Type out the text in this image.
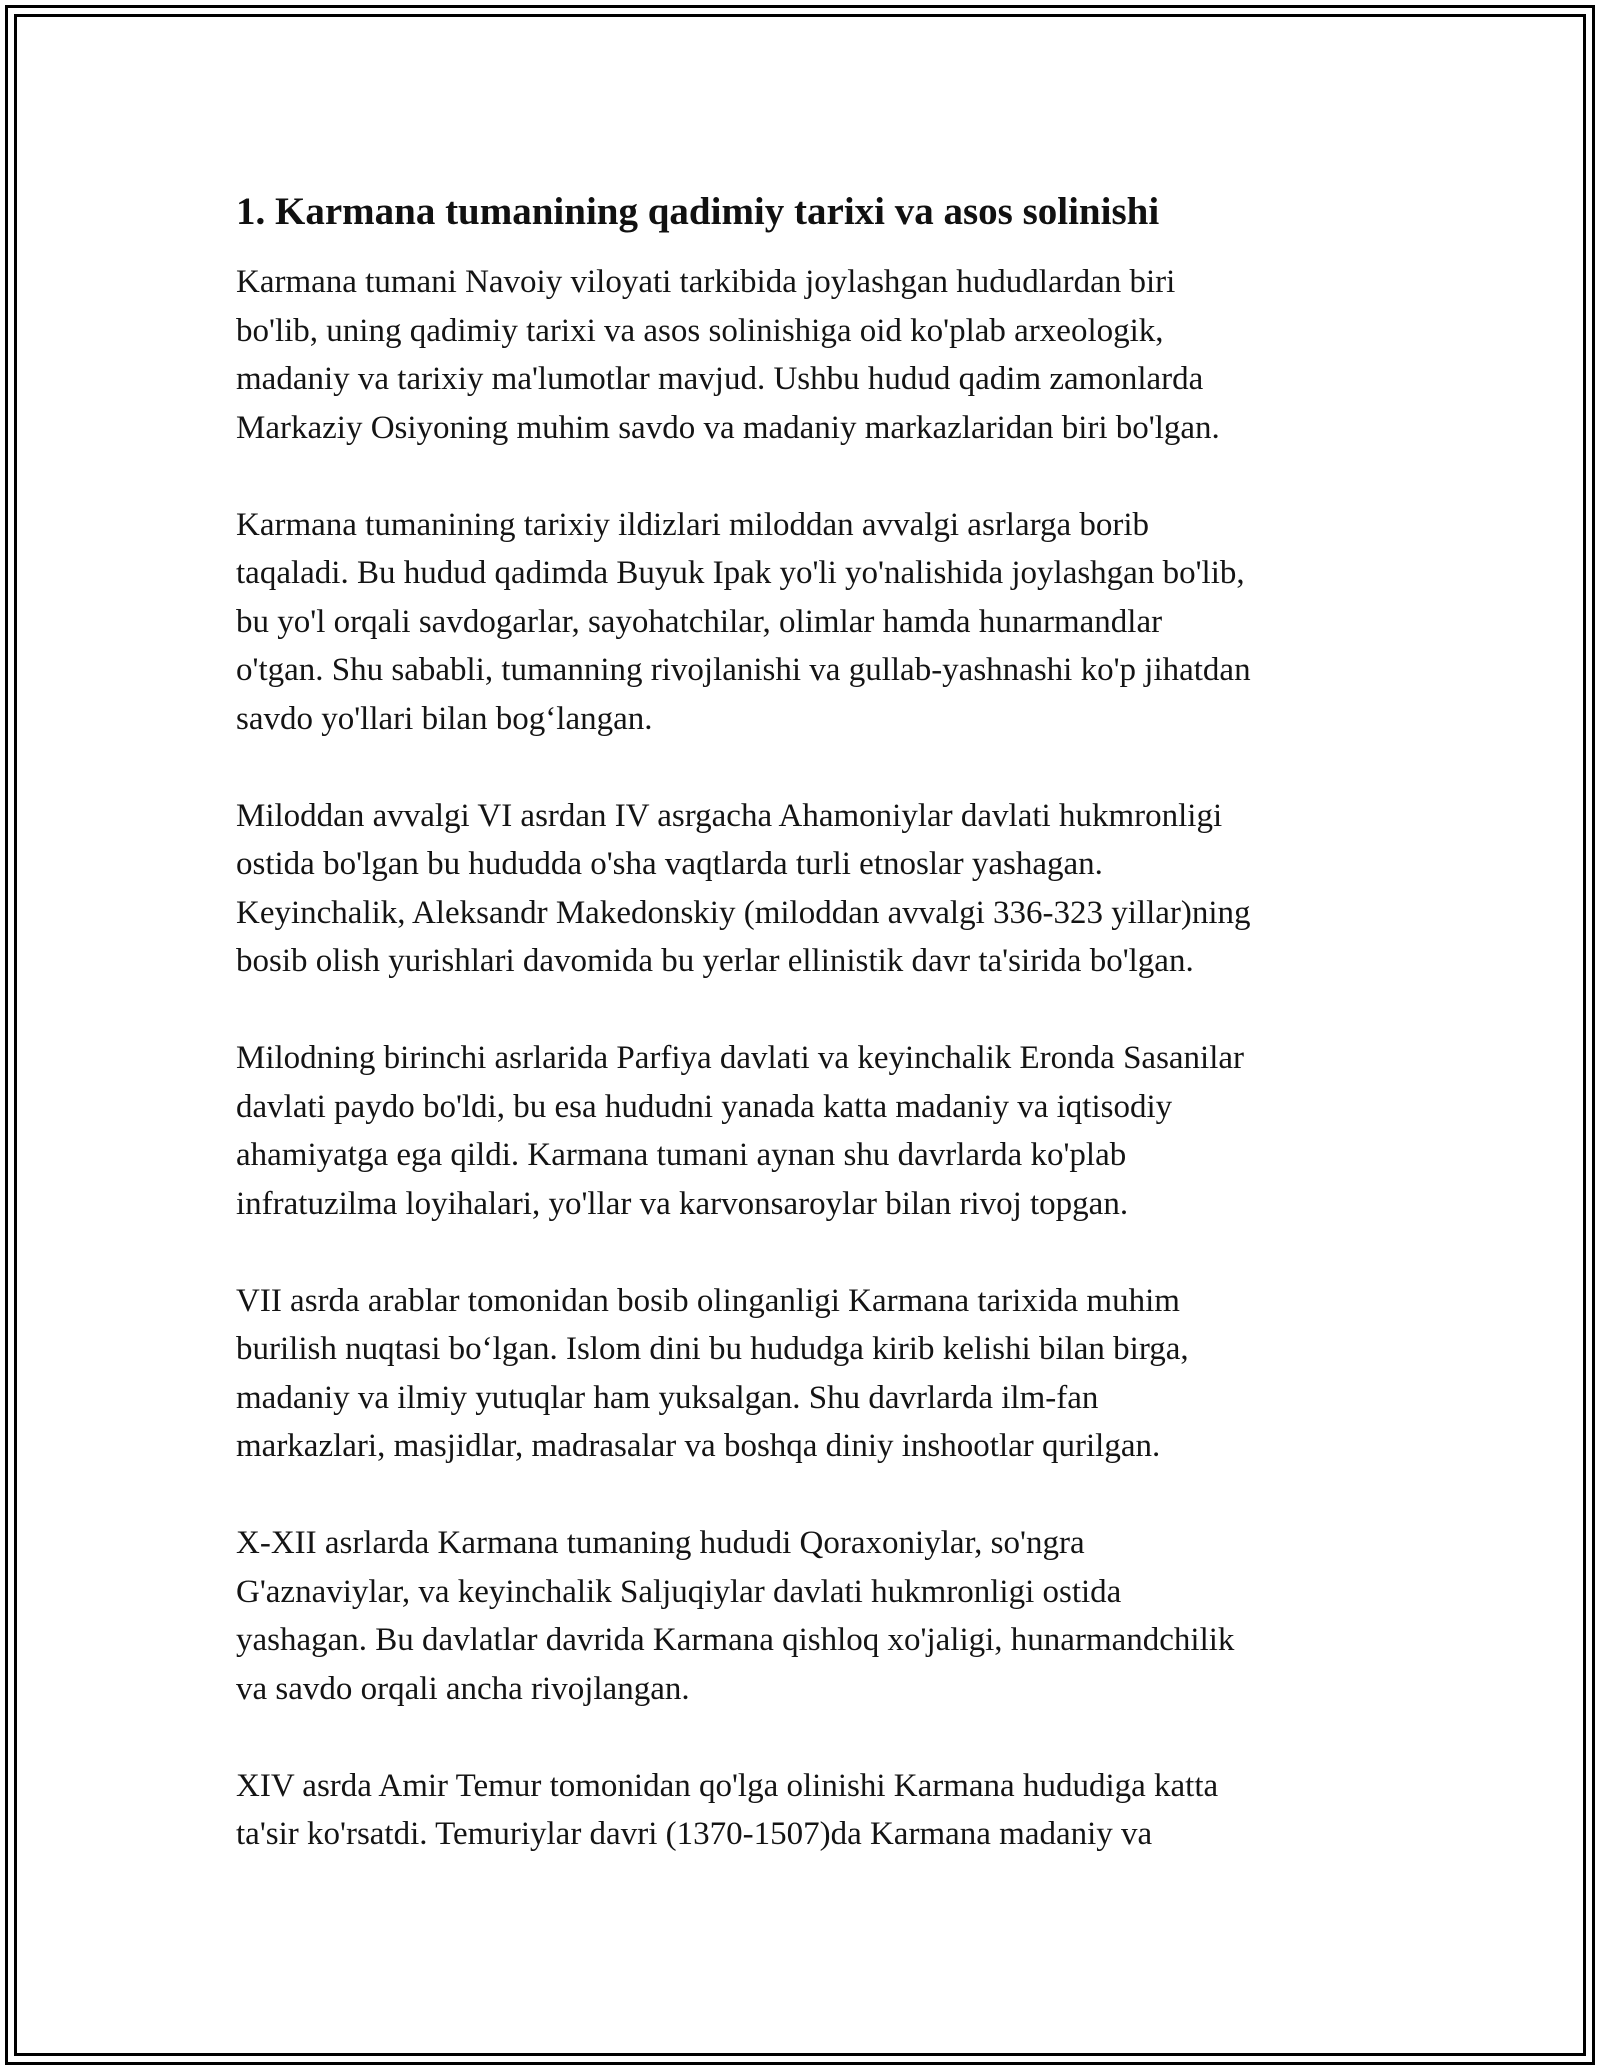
1. Karmana tumanining qadimiy tarixi va asos solinishi
Karmana tumani Navoiy viloyati tarkibida joylashgan hududlardan biri
bo'lib, uning qadimiy tarixi va asos solinishiga oid ko'plab arxeologik,
madaniy va tarixiy ma'lumotlar mavjud. Ushbu hudud qadim zamonlarda
Markaziy Osiyoning muhim savdo va madaniy markazlaridan biri bo'lgan.
Karmana tumanining tarixiy ildizlari miloddan avvalgi asrlarga borib
taqaladi. Bu hudud qadimda Buyuk Ipak yo'li yo'nalishida joylashgan bo'lib,
bu yo'l orqali savdogarlar, sayohatchilar, olimlar hamda hunarmandlar
o'tgan. Shu sababli, tumanning rivojlanishi va gullab-yashnashi ko'p jihatdan
savdo yo'llari bilan bog‘langan.
Miloddan avvalgi VI asrdan IV asrgacha Ahamoniylar davlati hukmronligi
ostida bo'lgan bu hududda o'sha vaqtlarda turli etnoslar yashagan.
Keyinchalik, Aleksandr Makedonskiy (miloddan avvalgi 336-323 yillar)ning
bosib olish yurishlari davomida bu yerlar ellinistik davr ta'sirida bo'lgan.
Milodning birinchi asrlarida Parfiya davlati va keyinchalik Eronda Sasanilar
davlati paydo bo'ldi, bu esa hududni yanada katta madaniy va iqtisodiy
ahamiyatga ega qildi. Karmana tumani aynan shu davrlarda ko'plab
infratuzilma loyihalari, yo'llar va karvonsaroylar bilan rivoj topgan.
VII asrda arablar tomonidan bosib olinganligi Karmana tarixida muhim
burilish nuqtasi bo‘lgan. Islom dini bu hududga kirib kelishi bilan birga,
madaniy va ilmiy yutuqlar ham yuksalgan. Shu davrlarda ilm-fan
markazlari, masjidlar, madrasalar va boshqa diniy inshootlar qurilgan.
X-XII asrlarda Karmana tumaning hududi Qoraxoniylar, so'ngra
G'aznaviylar, va keyinchalik Saljuqiylar davlati hukmronligi ostida
yashagan. Bu davlatlar davrida Karmana qishloq xo'jaligi, hunarmandchilik
va savdo orqali ancha rivojlangan.
XIV asrda Amir Temur tomonidan qo'lga olinishi Karmana hududiga katta
ta'sir ko'rsatdi. Temuriylar davri (1370-1507)da Karmana madaniy va
